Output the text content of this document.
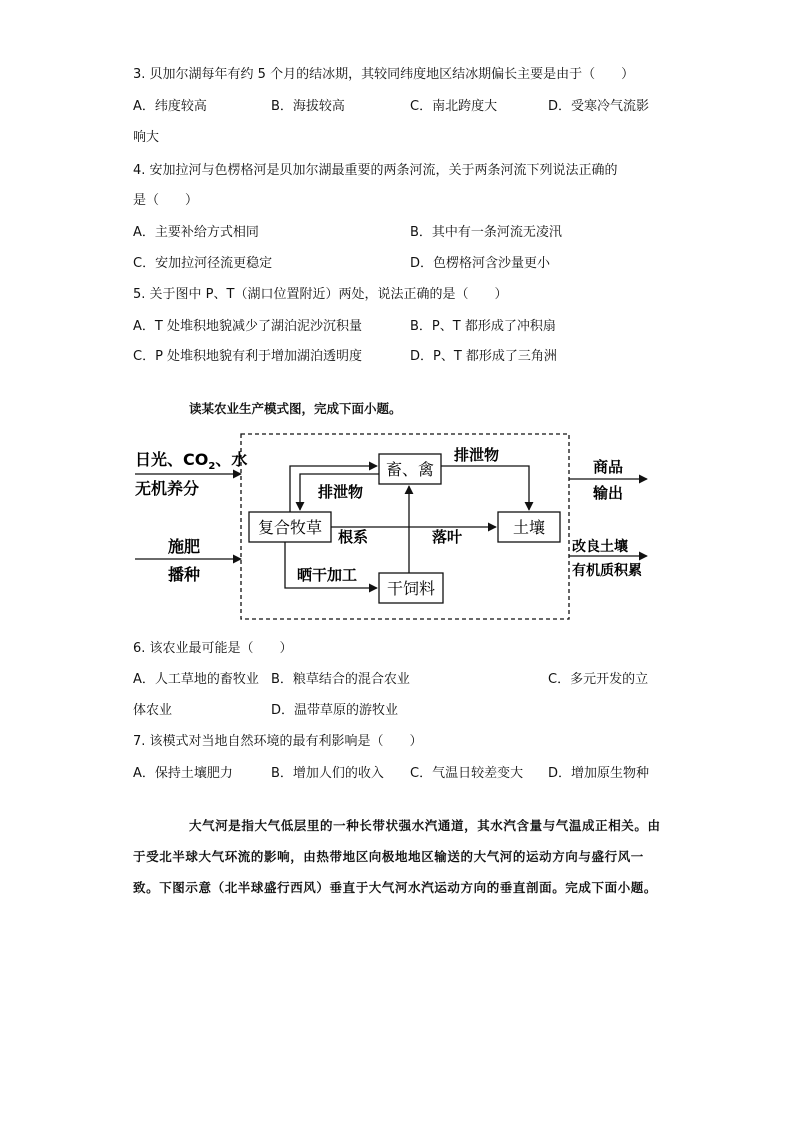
3. 贝加尔湖每年有约 5 个月的结冰期，其较同纬度地区结冰期偏长主要是由于（　　）
A．纬度较高	B．海拔较高	C．南北跨度大	D．受寒冷气流影
响大
4. 安加拉河与色楞格河是贝加尔湖最重要的两条河流，关于两条河流下列说法正确的
是（　　）
A．主要补给方式相同	B．其中有一条河流无凌汛
C．安加拉河径流更稳定	D．色楞格河含沙量更小
5. 关于图中 P、T（湖口位置附近）两处，说法正确的是（　　）
A．T 处堆积地貌减少了湖泊泥沙沉积量	B．P、T 都形成了冲积扇
C．P 处堆积地貌有利于增加湖泊透明度	D．P、T 都形成了三角洲
读某农业生产模式图，完成下面小题。
日光、$CO_2$、水
无机养分
施肥
播种
复合牧草
畜、禽
土壤
干饲料
排泄物
排泄物
根系	落叶
晒干加工
商品
输出
改良土壤
有机质积累
6. 该农业最可能是（　　）
A．人工草地的畜牧业 B．粮草结合的混合农业	C．多元开发的立
体农业	D．温带草原的游牧业
7. 该模式对当地自然环境的最有利影响是（　　）
A．保持土壤肥力	B．增加人们的收入 C．气温日较差变大 D．增加原生物种
大气河是指大气低层里的一种长带状强水汽通道，其水汽含量与气温成正相关。由于受北半球大气环流的影响，由热带地区向极地地区输送的大气河的运动方向与盛行风一致。下图示意（北半球盛行西风）垂直于大气河水汽运动方向的垂直剖面。完成下面小题。
